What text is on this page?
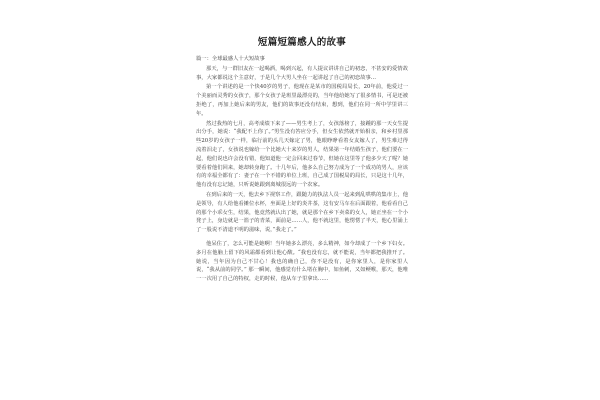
短篇短篇感人的故事

篇一：全球最感人十大短故事

那天，与一群旧友在一起喝酒，喝到兴起，有人提议讲讲自己的初恋，不甚安的爱情故事，大家都说这个主意好，于是几个大男人坐在一起讲起了自己的初恋故事…

第一个讲述的是一个快40岁的男子，他现在是某市的国税局局长，20年前，他爱过一个美丽而灵秀的女孩子，那个女孩子是班里最漂亮的，当年他给她写了很多情书，可是还被拒绝了，再加上她后来的男友，他们的故事还没有结束，想到，他们在同一所中学里讲三年。

然过我热的七月，高考成绩下来了——男生考上了，女孩落榜了，接踵的那一天女生提出分手，她说：“我配不上你了。”男生没有答应分手，但女生依然就开始相亲，和乡村里那些20岁的女孩子一样，临行前的头几天嫁定了男，他眼睁睁看着女友嫁人了，男生难过得流着泪走了，女孩说也嫁给一个比她大十来岁的男人，结果第一年结婚生孩子，他们要在一起，他们说也许会没有错，他知道他一定会回来过春节，但她在这里等了他多少天了呢？她要看着他们回来，她却转身跑了。十几年后，他多么自己努力成为了一个成功的男人，应该有的幸福全都有了：妻子在一个不错的单位上班，自己成了国税局的局长，只是这十几年，他有没有忘记她，只听说她跟到离城很远的一个农家。

在到后来的一天，他去乡下视察工作，跟随力的执法人员一起来到乱哄哄的集市上，他是领导，有人给他看摊位水杯，坐面是上好的炎井茶，这有安马车在后面跟着，他看看自己的那个小乖女生，结果，他竟然就认出了她，就是那个在乡下卖菜的女人，她正坐在一个小凳子上，身边就是一篮子的青菜，面前是……人，他不就这里，他愣愣了半天，他心里涌上了一股说不清道不明的滋味，说，”我走了。”

他呆住了，怎么可能是她啊！当年她多么漂亮，多么精神，如今却成了一个乡下妇女。多月在他脑上留下的风霜都看到让他心酸。“我也没有忘，就不能说，当年都把我推开了。她说，当年因为自己不甘心！我也的确自己，你不是没有，是你家里人，是你家里人说，“我从前的同学。” 那一瞬间，他感觉有什么堵在胸中，如鱼刺，又如鲠喉，那天，他唯一一次用了自己的特权，走的时候，他从车子里拿出……
